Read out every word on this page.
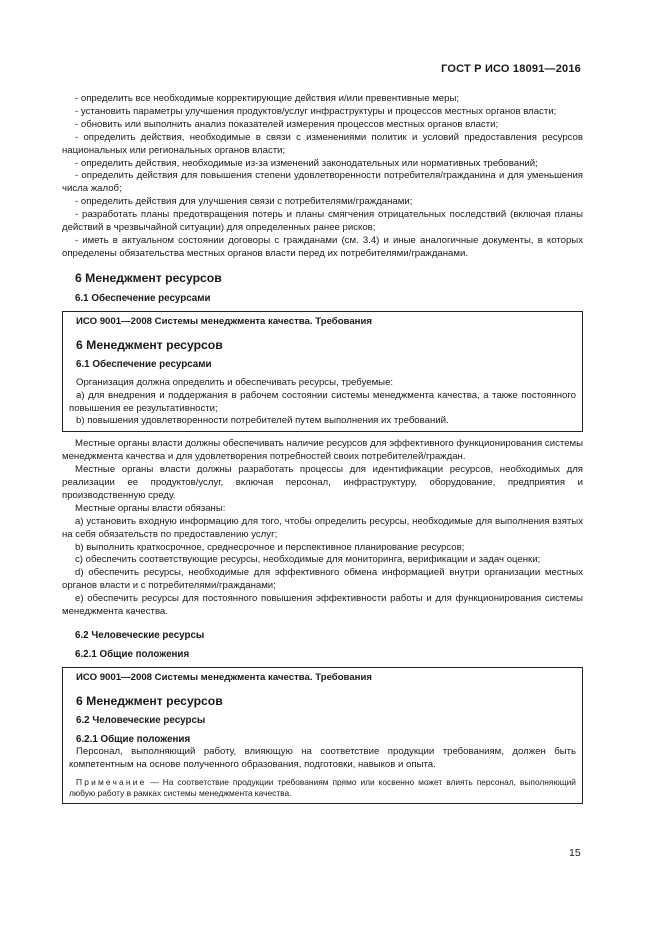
ГОСТ Р ИСО 18091—2016

- определить все необходимые корректирующие действия и/или превентивные меры;

- установить параметры улучшения продуктов/услуг инфраструктуры и процессов местных органов власти;

- обновить или выполнить анализ показателей измерения процессов местных органов власти;

- определить действия, необходимые в связи с изменениями политик и условий предоставления ресурсов национальных или региональных органов власти;

- определить действия, необходимые из-за изменений законодательных или нормативных требований;

- определить действия для повышения степени удовлетворенности потребителя/гражданина и для уменьшения числа жалоб;

- определить действия для улучшения связи с потребителями/гражданами;

- разработать планы предотвращения потерь и планы смягчения отрицательных последствий (включая планы действий в чрезвычайной ситуации) для определенных ранее рисков;

- иметь в актуальном состоянии договоры с гражданами (см. 3.4) и иные аналогичные документы, в которых определены обязательства местных органов власти перед их потребителями/гражданами.

6 Менеджмент ресурсов
6.1 Обеспечение ресурсами
ИСО 9001—2008 Системы менеджмента качества. Требования
6 Менеджмент ресурсов
6.1 Обеспечение ресурсами

Организация должна определить и обеспечивать ресурсы, требуемые:

a) для внедрения и поддержания в рабочем состоянии системы менеджмента качества, а также постоянного повышения ее результативности;

b) повышения удовлетворенности потребителей путем выполнения их требований.

Местные органы власти должны обеспечивать наличие ресурсов для эффективного функционирования системы менеджмента качества и для удовлетворения потребностей своих потребителей/граждан.

Местные органы власти должны разработать процессы для идентификации ресурсов, необходимых для реализации ее продуктов/услуг, включая персонал, инфраструктуру, оборудование, предприятия и производственную среду.

Местные органы власти обязаны:

a) установить входную информацию для того, чтобы определить ресурсы, необходимые для выполнения взятых на себя обязательств по предоставлению услуг;

b) выполнить краткосрочное, среднесрочное и перспективное планирование ресурсов;

c) обеспечить соответствующие ресурсы, необходимые для мониторинга, верификации и задач оценки;

d) обеспечить ресурсы, необходимые для эффективного обмена информацией внутри организации местных органов власти и с потребителями/гражданами;

e) обеспечить ресурсы для постоянного повышения эффективности работы и для функционирования системы менеджмента качества.

6.2 Человеческие ресурсы
6.2.1 Общие положения
ИСО 9001—2008 Системы менеджмента качества. Требования
6 Менеджмент ресурсов
6.2 Человеческие ресурсы
6.2.1 Общие положения

Персонал, выполняющий работу, влияющую на соответствие продукции требованиям, должен быть компетентным на основе полученного образования, подготовки, навыков и опыта.

Примечание — На соответствие продукции требованиям прямо или косвенно может влиять персонал, выполняющий любую работу в рамках системы менеджмента качества.

15
